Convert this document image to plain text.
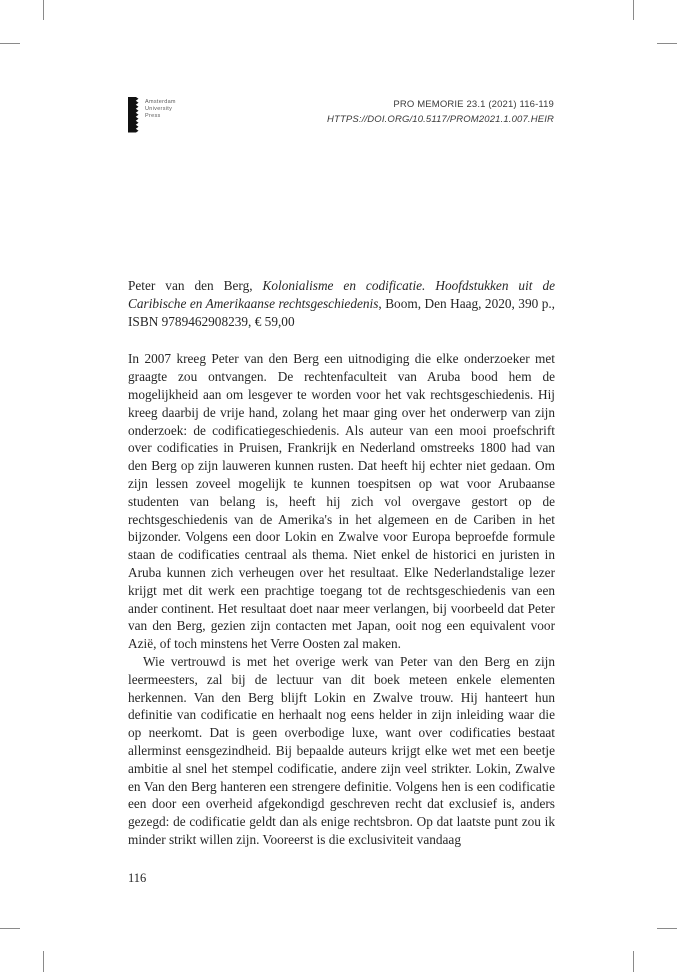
Amsterdam
University
Press
PRO MEMORIE 23.1 (2021) 116-119
HTTPS://DOI.ORG/10.5117/PROM2021.1.007.HEIR

Peter van den Berg, Kolonialisme en codificatie. Hoofdstukken uit de Caribische en Amerikaanse rechtsgeschiedenis, Boom, Den Haag, 2020, 390 p., ISBN 9789462908239, € 59,00

In 2007 kreeg Peter van den Berg een uitnodiging die elke onderzoeker met graagte zou ontvangen. De rechtenfaculteit van Aruba bood hem de mogelijkheid aan om lesgever te worden voor het vak rechtsgeschiedenis. Hij kreeg daarbij de vrije hand, zolang het maar ging over het onderwerp van zijn onderzoek: de codificatiegeschiedenis. Als auteur van een mooi proefschrift over codificaties in Pruisen, Frankrijk en Nederland omstreeks 1800 had van den Berg op zijn lauweren kunnen rusten. Dat heeft hij echter niet gedaan. Om zijn lessen zoveel mogelijk te kunnen toespitsen op wat voor Arubaanse studenten van belang is, heeft hij zich vol overgave gestort op de rechtsgeschiedenis van de Amerika's in het algemeen en de Cariben in het bijzonder. Volgens een door Lokin en Zwalve voor Europa beproefde formule staan de codificaties centraal als thema. Niet enkel de historici en juristen in Aruba kunnen zich verheugen over het resultaat. Elke Nederlandstalige lezer krijgt met dit werk een prachtige toegang tot de rechtsgeschiedenis van een ander continent. Het resultaat doet naar meer verlangen, bij voorbeeld dat Peter van den Berg, gezien zijn contacten met Japan, ooit nog een equivalent voor Azië, of toch minstens het Verre Oosten zal maken.

Wie vertrouwd is met het overige werk van Peter van den Berg en zijn leermeesters, zal bij de lectuur van dit boek meteen enkele elementen herkennen. Van den Berg blijft Lokin en Zwalve trouw. Hij hanteert hun definitie van codificatie en herhaalt nog eens helder in zijn inleiding waar die op neerkomt. Dat is geen overbodige luxe, want over codificaties bestaat allerminst eensgezindheid. Bij bepaalde auteurs krijgt elke wet met een beetje ambitie al snel het stempel codificatie, andere zijn veel strikter. Lokin, Zwalve en Van den Berg hanteren een strengere definitie. Volgens hen is een codificatie een door een overheid afgekondigd geschreven recht dat exclusief is, anders gezegd: de codificatie geldt dan als enige rechtsbron. Op dat laatste punt zou ik minder strikt willen zijn. Vooreerst is die exclusiviteit vandaag

116
